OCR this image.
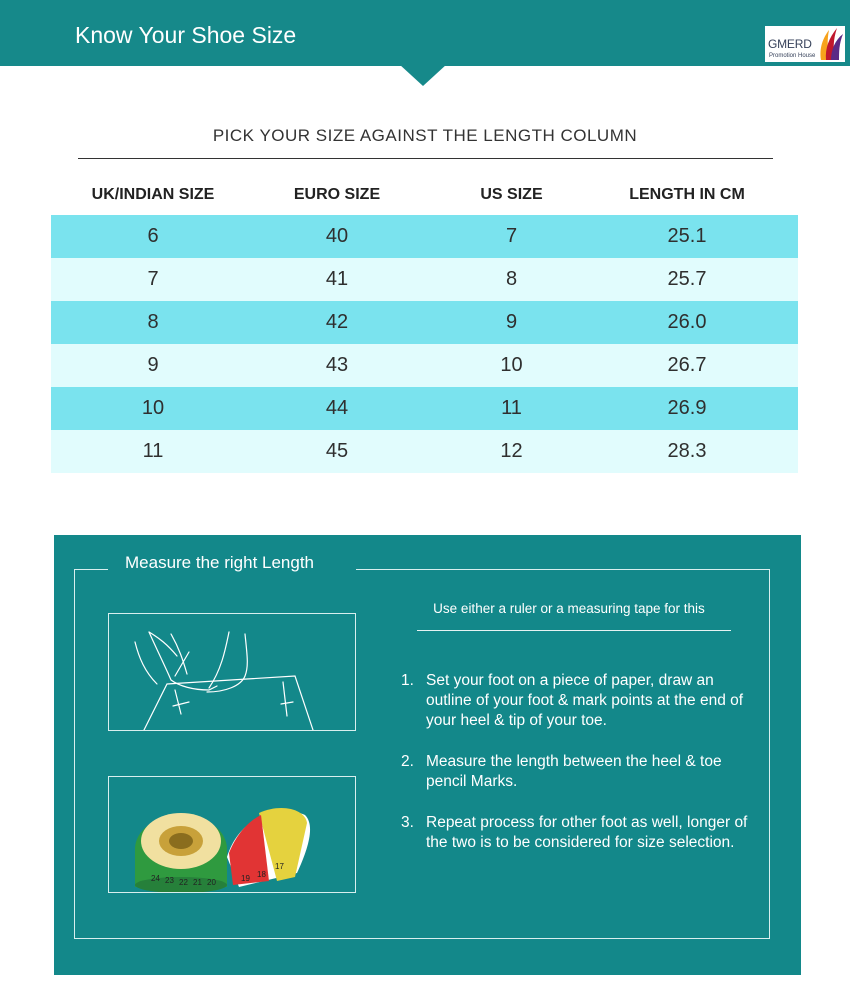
Know Your Shoe Size	GMERD
Promotion House
PICK YOUR SIZE AGAINST THE LENGTH COLUMN
UK/INDIAN SIZE	EURO SIZE	US SIZE	LENGTH IN CM
6	40	7	25.1
7	41	8	25.7
8	42	9	26.0
9	43	10	26.7
10	44	11	26.9
11	45	12	28.3
Measure the right Length
24 23 22 21 20	19 18
17
Use either a ruler or a measuring tape for this
1. Set your foot on a piece of paper, draw an outline of your foot & mark points at the end of your heel & tip of your toe.
2. Measure the length between the heel & toe pencil Marks.
3. Repeat process for other foot as well, longer of the two is to be considered for size selection.
